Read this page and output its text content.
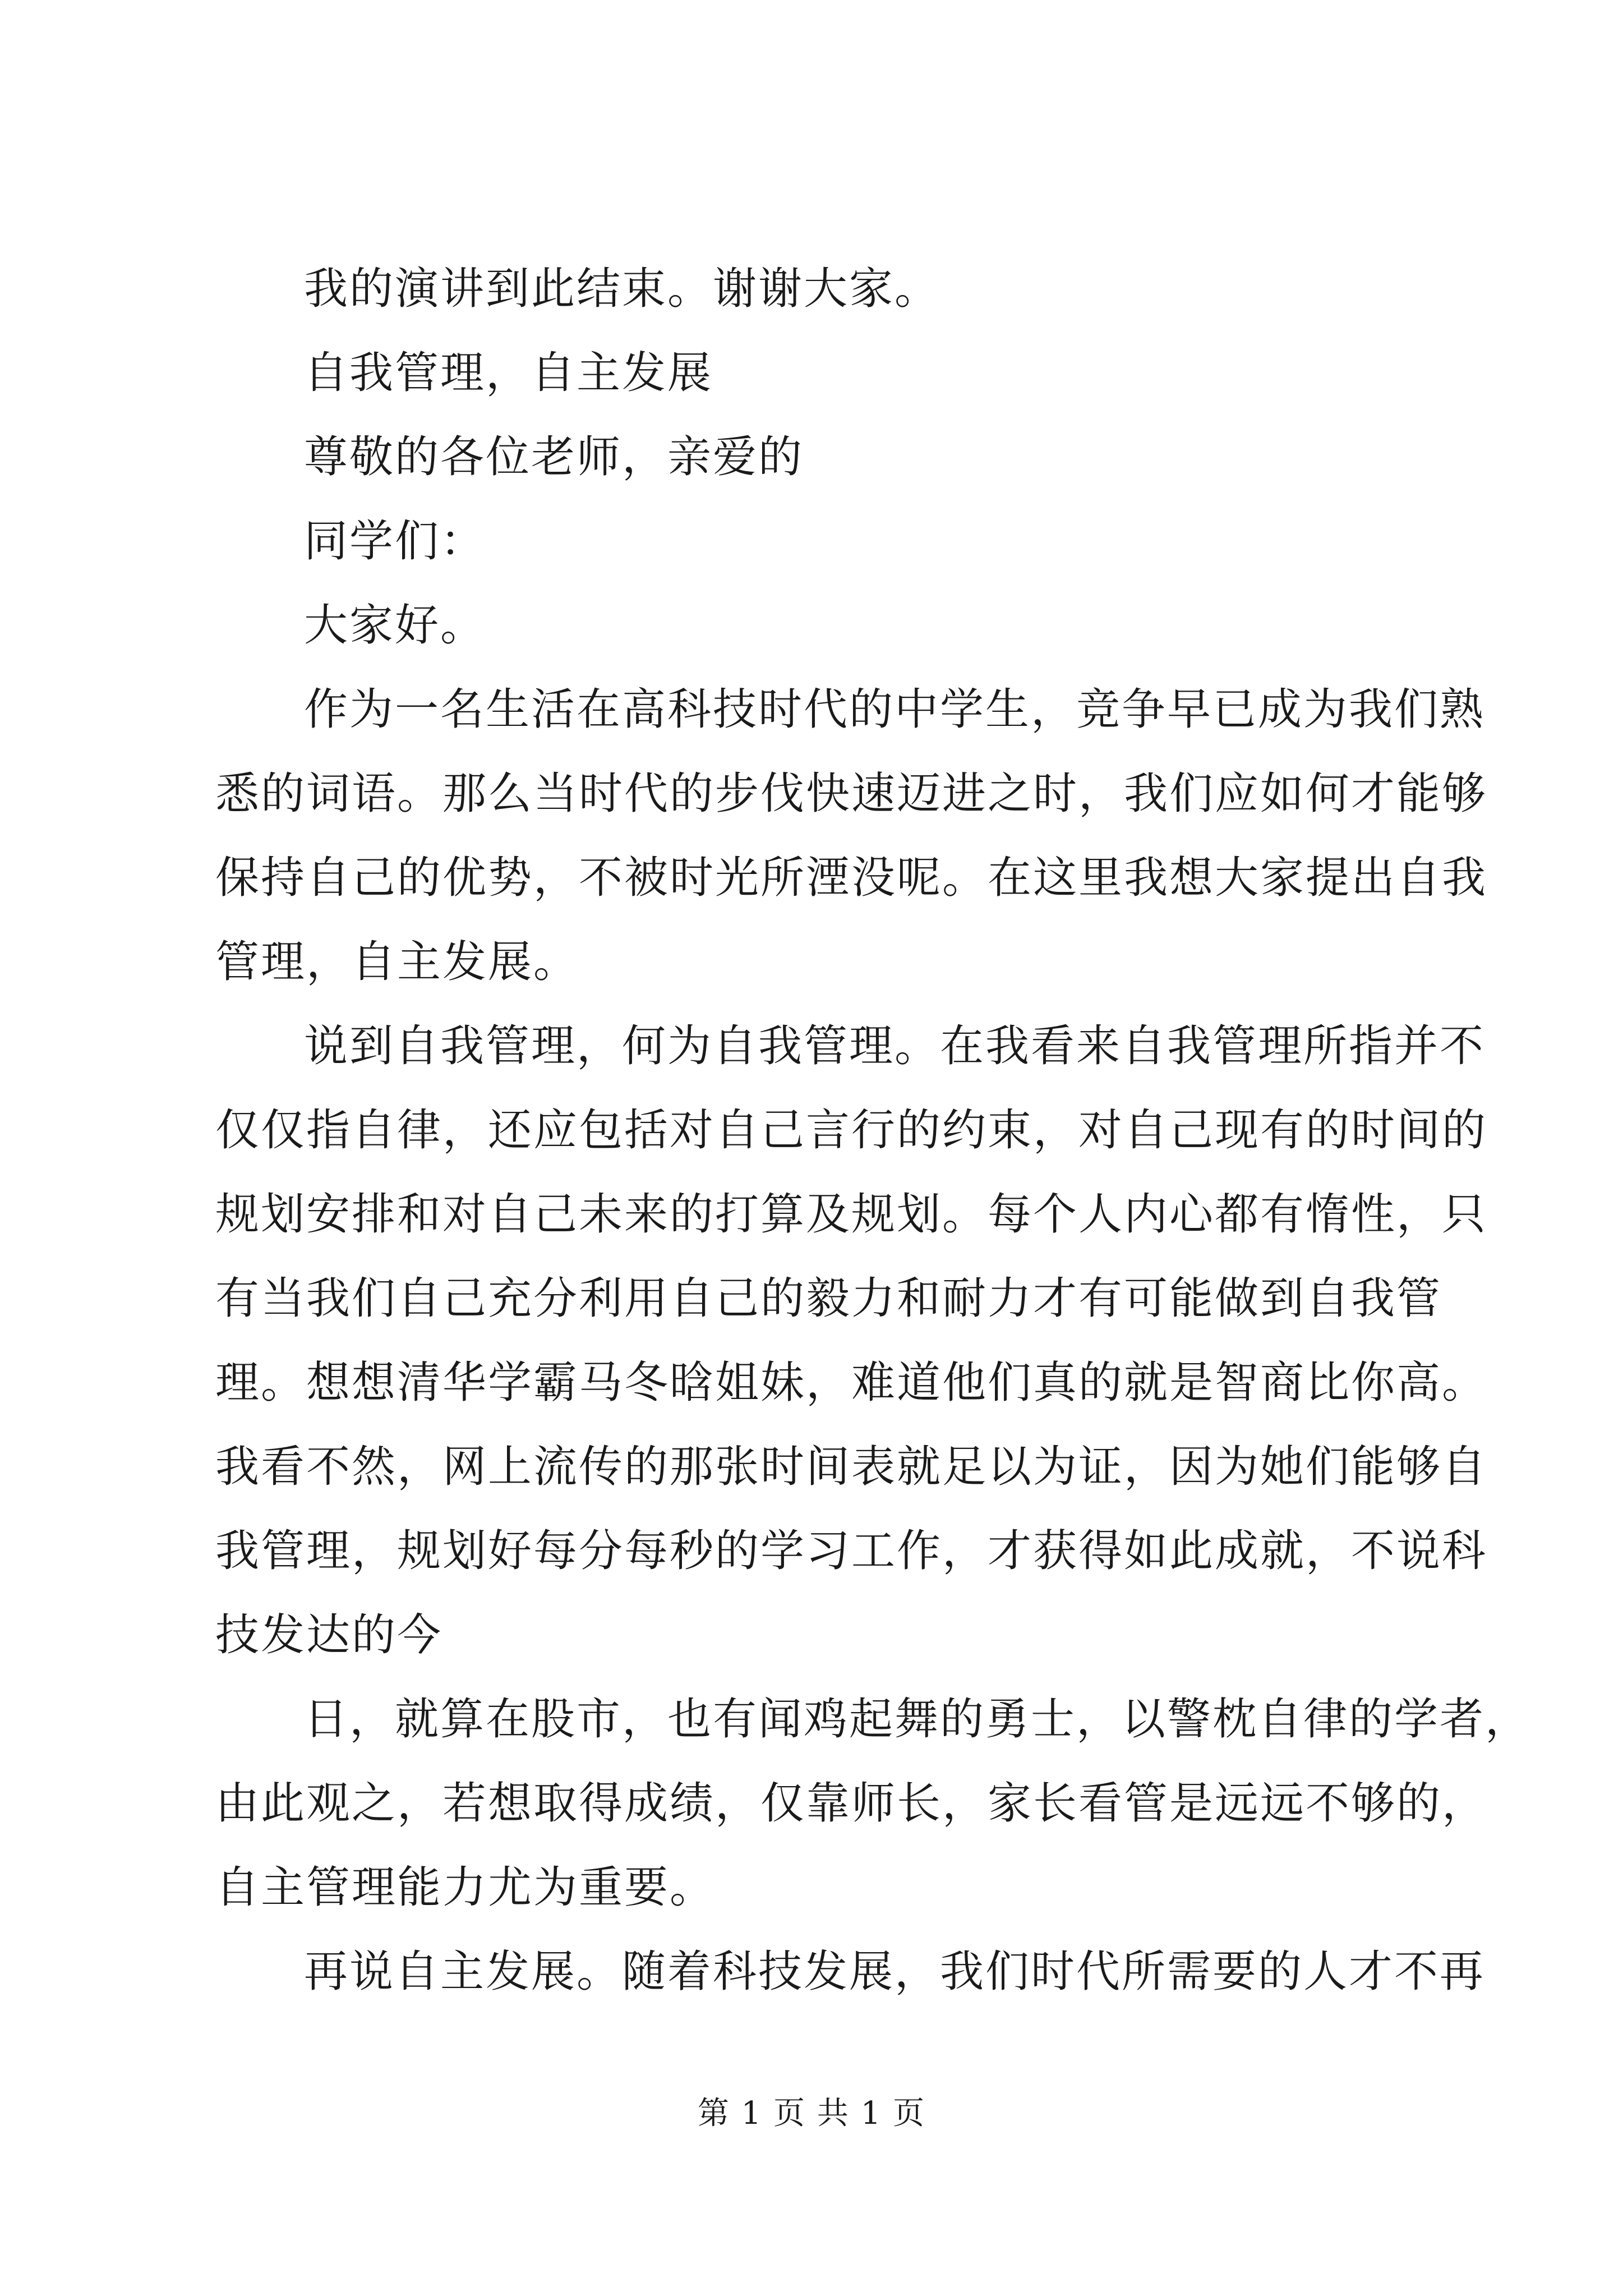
我的演讲到此结束。谢谢大家。
自我管理，自主发展
尊敬的各位老师，亲爱的
同学们：
大家好。
作为一名生活在高科技时代的中学生，竞争早已成为我们熟
悉的词语。那么当时代的步伐快速迈进之时，我们应如何才能够
保持自己的优势，不被时光所湮没呢。在这里我想大家提出自我
管理，自主发展。
说到自我管理，何为自我管理。在我看来自我管理所指并不
仅仅指自律，还应包括对自己言行的约束，对自己现有的时间的
规划安排和对自己未来的打算及规划。每个人内心都有惰性，只
有当我们自己充分利用自己的毅力和耐力才有可能做到自我管
理。想想清华学霸马冬晗姐妹，难道他们真的就是智商比你高。
我看不然，网上流传的那张时间表就足以为证，因为她们能够自
我管理，规划好每分每秒的学习工作，才获得如此成就，不说科
技发达的今
日，就算在股市，也有闻鸡起舞的勇士，以警枕自律的学者，
由此观之，若想取得成绩，仅靠师长，家长看管是远远不够的，
自主管理能力尤为重要。
再说自主发展。随着科技发展，我们时代所需要的人才不再
第 1 页 共 1 页
